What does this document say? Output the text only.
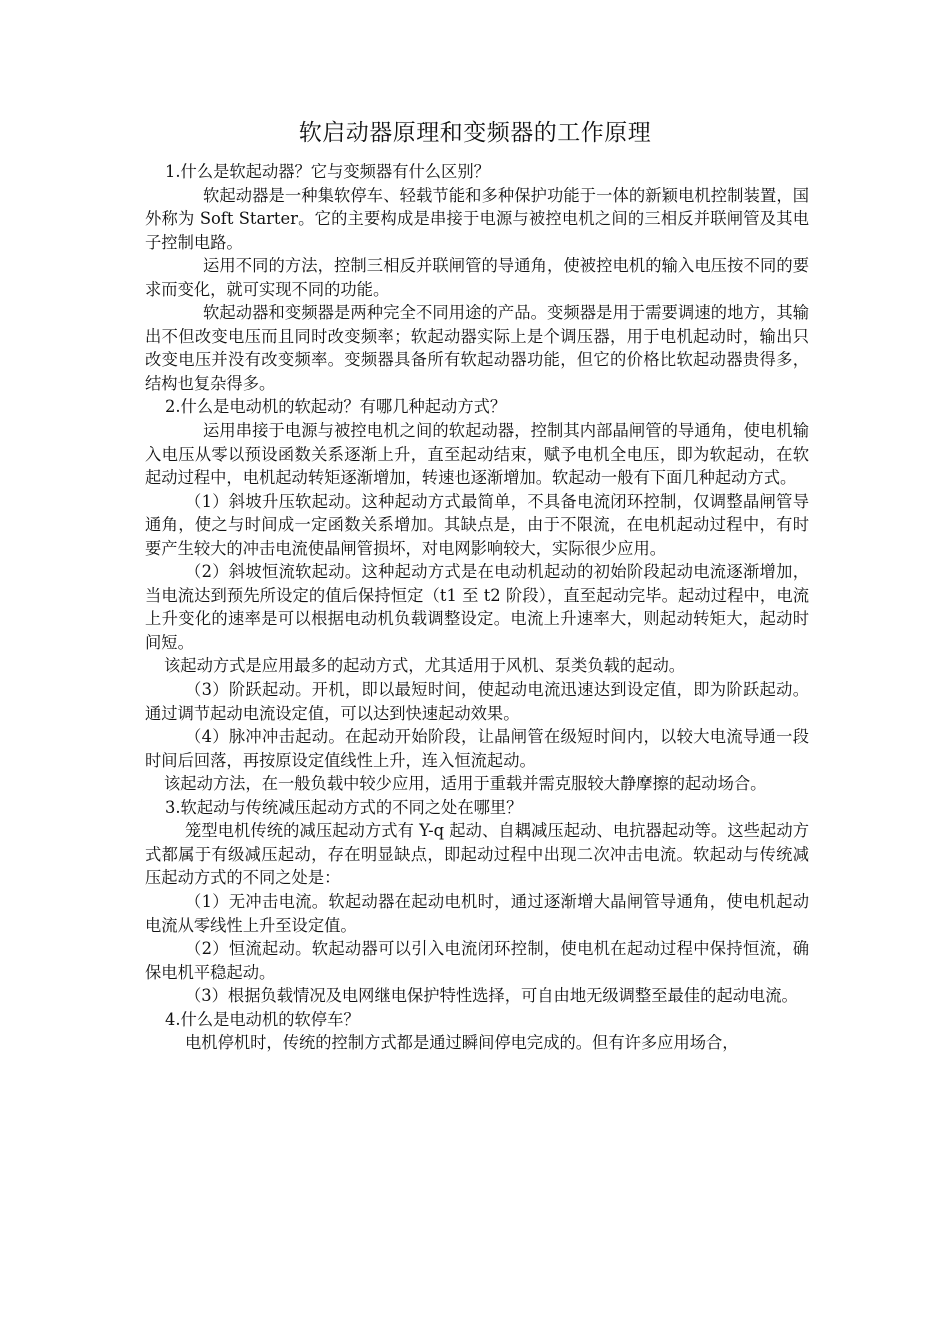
软启动器原理和变频器的工作原理

1.什么是软起动器？它与变频器有什么区别？

软起动器是一种集软停车、轻载节能和多种保护功能于一体的新颖电机控制装置，国外称为 Soft Starter。它的主要构成是串接于电源与被控电机之间的三相反并联闸管及其电子控制电路。

运用不同的方法，控制三相反并联闸管的导通角，使被控电机的输入电压按不同的要求而变化，就可实现不同的功能。

软起动器和变频器是两种完全不同用途的产品。变频器是用于需要调速的地方，其输出不但改变电压而且同时改变频率；软起动器实际上是个调压器，用于电机起动时，输出只改变电压并没有改变频率。变频器具备所有软起动器功能，但它的价格比软起动器贵得多，结构也复杂得多。

2.什么是电动机的软起动？有哪几种起动方式？

运用串接于电源与被控电机之间的软起动器，控制其内部晶闸管的导通角，使电机输入电压从零以预设函数关系逐渐上升，直至起动结束，赋予电机全电压，即为软起动，在软起动过程中，电机起动转矩逐渐增加，转速也逐渐增加。软起动一般有下面几种起动方式。

（1）斜坡升压软起动。这种起动方式最简单，不具备电流闭环控制，仅调整晶闸管导通角，使之与时间成一定函数关系增加。其缺点是，由于不限流，在电机起动过程中，有时要产生较大的冲击电流使晶闸管损坏，对电网影响较大，实际很少应用。

（2）斜坡恒流软起动。这种起动方式是在电动机起动的初始阶段起动电流逐渐增加，当电流达到预先所设定的值后保持恒定（t1 至 t2 阶段），直至起动完毕。起动过程中，电流上升变化的速率是可以根据电动机负载调整设定。电流上升速率大，则起动转矩大，起动时间短。

该起动方式是应用最多的起动方式，尤其适用于风机、泵类负载的起动。

（3）阶跃起动。开机，即以最短时间，使起动电流迅速达到设定值，即为阶跃起动。通过调节起动电流设定值，可以达到快速起动效果。

（4）脉冲冲击起动。在起动开始阶段，让晶闸管在级短时间内，以较大电流导通一段时间后回落，再按原设定值线性上升，连入恒流起动。

该起动方法，在一般负载中较少应用，适用于重载并需克服较大静摩擦的起动场合。

3.软起动与传统减压起动方式的不同之处在哪里？

笼型电机传统的减压起动方式有 Y-q 起动、自耦减压起动、电抗器起动等。这些起动方式都属于有级减压起动，存在明显缺点，即起动过程中出现二次冲击电流。软起动与传统减压起动方式的不同之处是：

（1）无冲击电流。软起动器在起动电机时，通过逐渐增大晶闸管导通角，使电机起动电流从零线性上升至设定值。

（2）恒流起动。软起动器可以引入电流闭环控制，使电机在起动过程中保持恒流，确保电机平稳起动。

（3）根据负载情况及电网继电保护特性选择，可自由地无级调整至最佳的起动电流。

4.什么是电动机的软停车？

电机停机时，传统的控制方式都是通过瞬间停电完成的。但有许多应用场合，
